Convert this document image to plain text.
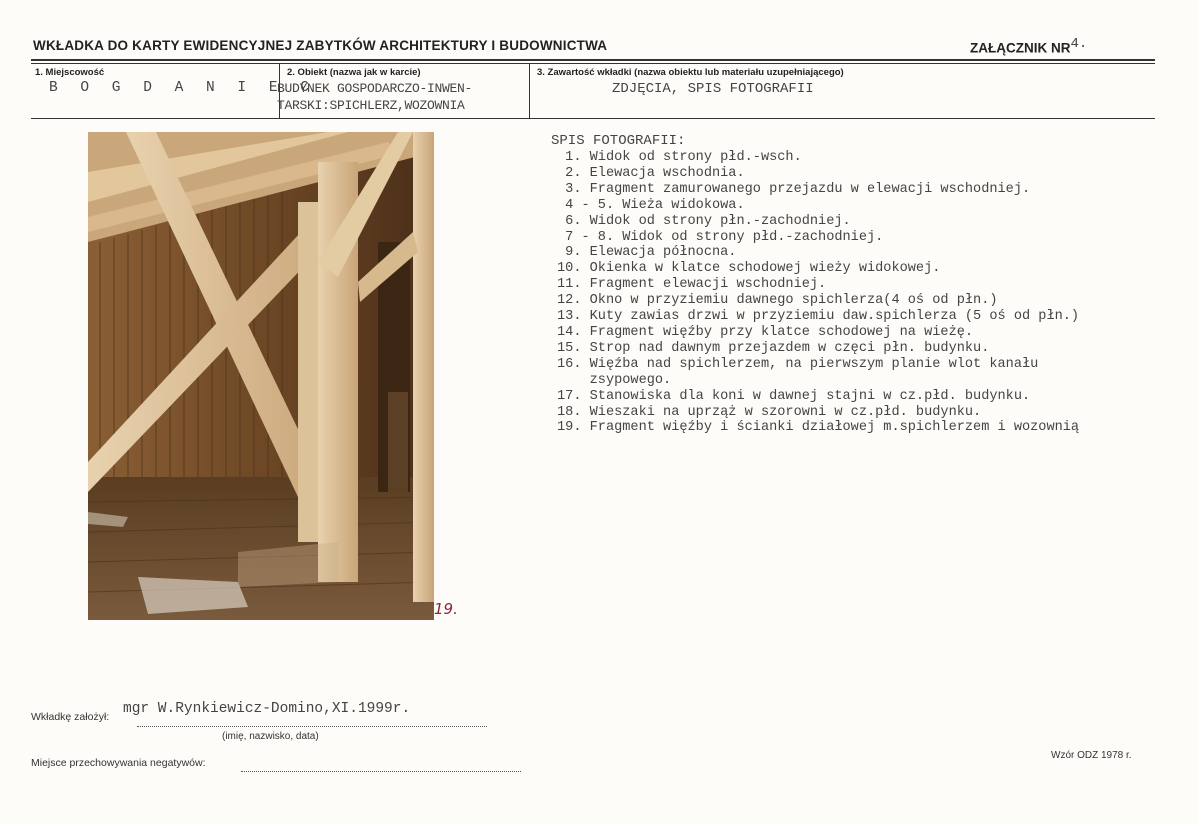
WKŁADKA DO KARTY EWIDENCYJNEJ ZABYTKÓW ARCHITEKTURY I BUDOWNICTWA	ZAŁĄCZNIK NR4.
1. Miejscowość
B O G D A N I E C
2. Obiekt (nazwa jak w karcie)
BUDYNEK GOSPODARCZO-INWEN-
TARSKI:SPICHLERZ,WOZOWNIA
3. Zawartość wkładki (nazwa obiektu lub materiału uzupełniającego)
ZDJĘCIA, SPIS FOTOGRAFII
19.
SPIS FOTOGRAFII:
1. Widok od strony płd.-wsch.
2. Elewacja wschodnia.
3. Fragment zamurowanego przejazdu w elewacji wschodniej.
4 - 5. Wieża widokowa.
6. Widok od strony płn.-zachodniej.
7 - 8. Widok od strony płd.-zachodniej.
9. Elewacja północna.
10. Okienka w klatce schodowej wieży widokowej.
11. Fragment elewacji wschodniej.
12. Okno w przyziemiu dawnego spichlerza(4 oś od płn.)
13. Kuty zawias drzwi w przyziemiu daw.spichlerza (5 oś od płn.)
14. Fragment więźby przy klatce schodowej na wieżę.
15. Strop nad dawnym przejazdem w częci płn. budynku.
16. Więźba nad spichlerzem, na pierwszym planie wlot kanału
zsypowego.
17. Stanowiska dla koni w dawnej stajni w cz.płd. budynku.
18. Wieszaki na uprząż w szorowni w cz.płd. budynku.
19. Fragment więźby i ścianki działowej m.spichlerzem i wozownią
Wkładkę założył: mgr W.Rynkiewicz-Domino,XI.1999r.
(imię, nazwisko, data)
Miejsce przechowywania negatywów:
Wzór ODZ 1978 r.
